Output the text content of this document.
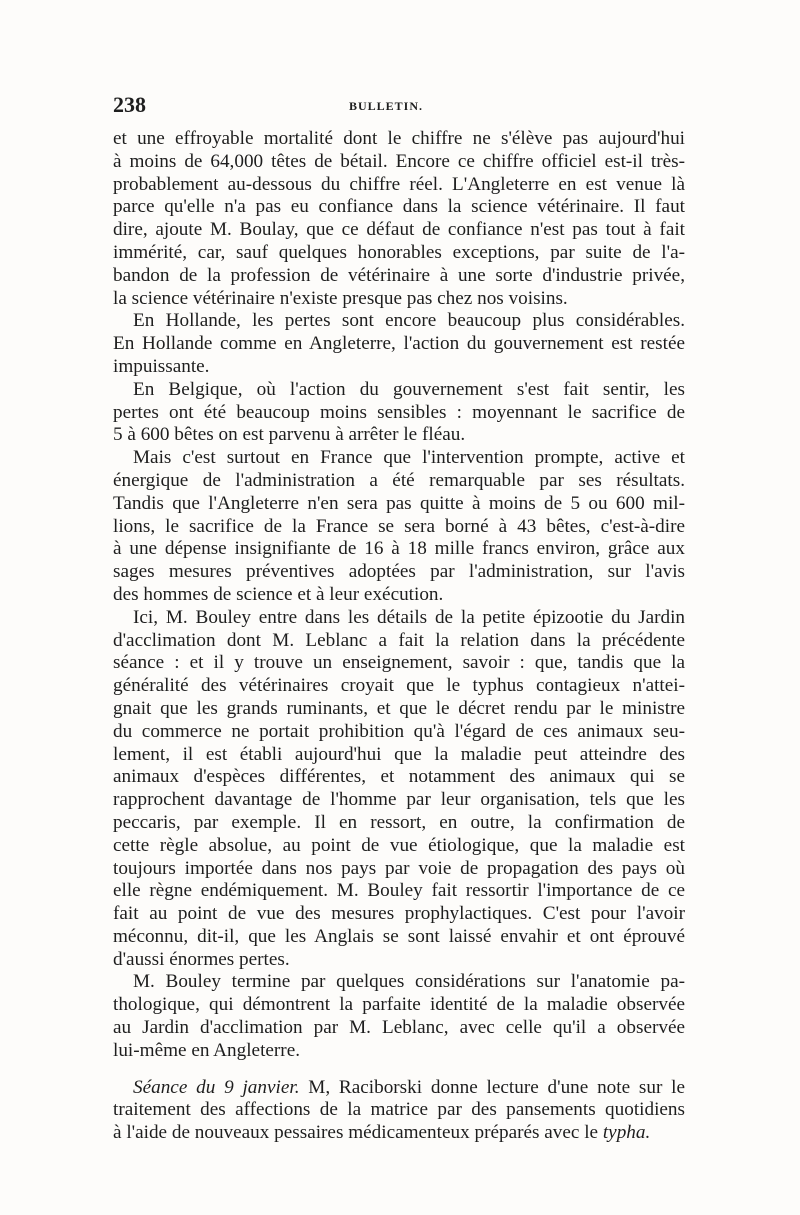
238	BULLETIN.
et une effroyable mortalité dont le chiffre ne s'élève pas aujourd'hui
à moins de 64,000 têtes de bétail. Encore ce chiffre officiel est-il très-
probablement au-dessous du chiffre réel. L'Angleterre en est venue là
parce qu'elle n'a pas eu confiance dans la science vétérinaire. Il faut
dire, ajoute M. Boulay, que ce défaut de confiance n'est pas tout à fait
immérité, car, sauf quelques honorables exceptions, par suite de l'a-
bandon de la profession de vétérinaire à une sorte d'industrie privée,
la science vétérinaire n'existe presque pas chez nos voisins.
En Hollande, les pertes sont encore beaucoup plus considérables.
En Hollande comme en Angleterre, l'action du gouvernement est restée
impuissante.
En Belgique, où l'action du gouvernement s'est fait sentir, les
pertes ont été beaucoup moins sensibles : moyennant le sacrifice de
5 à 600 bêtes on est parvenu à arrêter le fléau.
Mais c'est surtout en France que l'intervention prompte, active et
énergique de l'administration a été remarquable par ses résultats.
Tandis que l'Angleterre n'en sera pas quitte à moins de 5 ou 600 mil-
lions, le sacrifice de la France se sera borné à 43 bêtes, c'est-à-dire
à une dépense insignifiante de 16 à 18 mille francs environ, grâce aux
sages mesures préventives adoptées par l'administration, sur l'avis
des hommes de science et à leur exécution.
Ici, M. Bouley entre dans les détails de la petite épizootie du Jardin
d'acclimation dont M. Leblanc a fait la relation dans la précédente
séance : et il y trouve un enseignement, savoir : que, tandis que la
généralité des vétérinaires croyait que le typhus contagieux n'attei-
gnait que les grands ruminants, et que le décret rendu par le ministre
du commerce ne portait prohibition qu'à l'égard de ces animaux seu-
lement, il est établi aujourd'hui que la maladie peut atteindre des
animaux d'espèces différentes, et notamment des animaux qui se
rapprochent davantage de l'homme par leur organisation, tels que les
peccaris, par exemple. Il en ressort, en outre, la confirmation de
cette règle absolue, au point de vue étiologique, que la maladie est
toujours importée dans nos pays par voie de propagation des pays où
elle règne endémiquement. M. Bouley fait ressortir l'importance de ce
fait au point de vue des mesures prophylactiques. C'est pour l'avoir
méconnu, dit-il, que les Anglais se sont laissé envahir et ont éprouvé
d'aussi énormes pertes.
M. Bouley termine par quelques considérations sur l'anatomie pa-
thologique, qui démontrent la parfaite identité de la maladie observée
au Jardin d'acclimation par M. Leblanc, avec celle qu'il a observée
lui-même en Angleterre.
Séance du 9 janvier. M, Raciborski donne lecture d'une note sur le
traitement des affections de la matrice par des pansements quotidiens
à l'aide de nouveaux pessaires médicamenteux préparés avec le typha.
